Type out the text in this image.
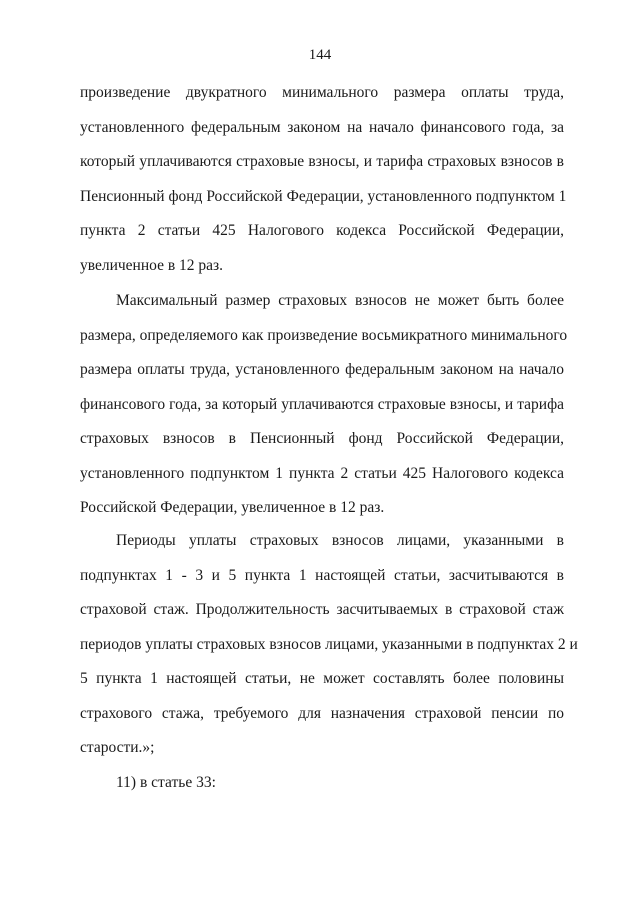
144
произведение двукратного минимального размера оплаты труда,
установленного федеральным законом на начало финансового года, за
который уплачиваются страховые взносы, и тарифа страховых взносов в
Пенсионный фонд Российской Федерации, установленного подпунктом 1
пункта 2 статьи 425 Налогового кодекса Российской Федерации,
увеличенное в 12 раз.
Максимальный размер страховых взносов не может быть более
размера, определяемого как произведение восьмикратного минимального
размера оплаты труда, установленного федеральным законом на начало
финансового года, за который уплачиваются страховые взносы, и тарифа
страховых взносов в Пенсионный фонд Российской Федерации,
установленного подпунктом 1 пункта 2 статьи 425 Налогового кодекса
Российской Федерации, увеличенное в 12 раз.
Периоды уплаты страховых взносов лицами, указанными в
подпунктах 1 - 3 и 5 пункта 1 настоящей статьи, засчитываются в
страховой стаж. Продолжительность засчитываемых в страховой стаж
периодов уплаты страховых взносов лицами, указанными в подпунктах 2 и
5 пункта 1 настоящей статьи, не может составлять более половины
страхового стажа, требуемого для назначения страховой пенсии по
старости.»;
11) в статье 33:
